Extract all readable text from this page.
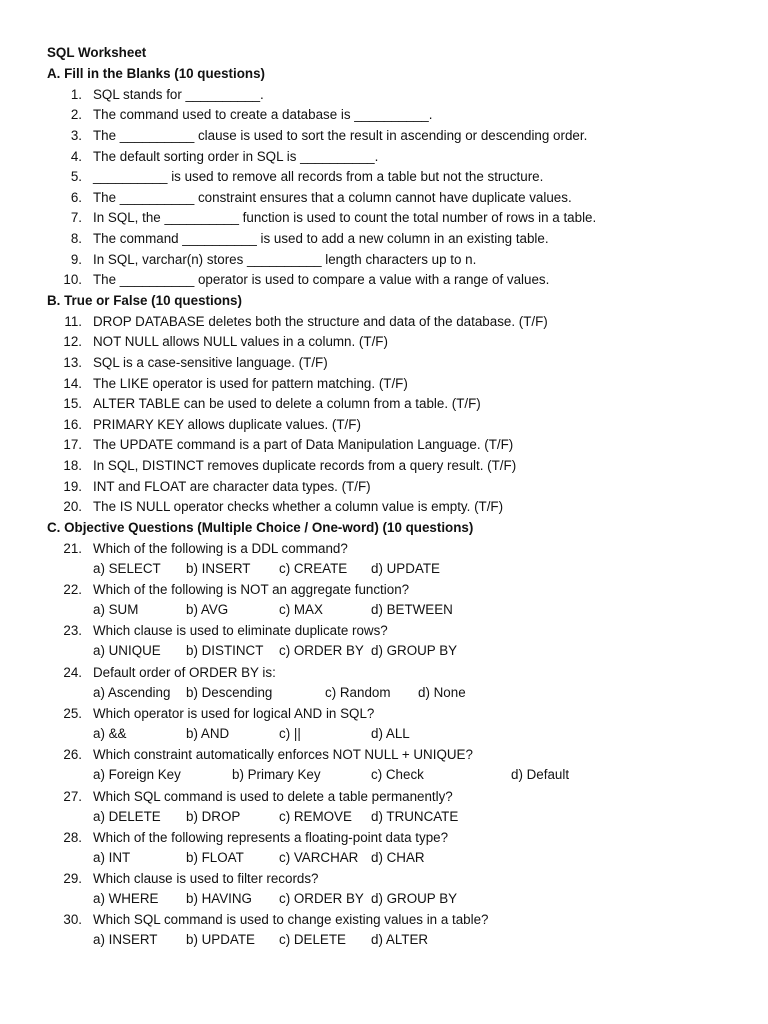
SQL Worksheet
A. Fill in the Blanks (10 questions)
B. True or False (10 questions)
C. Objective Questions (Multiple Choice / One-word) (10 questions)
1. SQL stands for __________.
2. The command used to create a database is __________.
3. The __________ clause is used to sort the result in ascending or descending order.
4. The default sorting order in SQL is __________.
5. __________ is used to remove all records from a table but not the structure.
6. The __________ constraint ensures that a column cannot have duplicate values.
7. In SQL, the __________ function is used to count the total number of rows in a table.
8. The command __________ is used to add a new column in an existing table.
9. In SQL, varchar(n) stores __________ length characters up to n.
10. The __________ operator is used to compare a value with a range of values.
11. DROP DATABASE deletes both the structure and data of the database. (T/F)
12. NOT NULL allows NULL values in a column. (T/F)
13. SQL is a case-sensitive language. (T/F)
14. The LIKE operator is used for pattern matching. (T/F)
15. ALTER TABLE can be used to delete a column from a table. (T/F)
16. PRIMARY KEY allows duplicate values. (T/F)
17. The UPDATE command is a part of Data Manipulation Language. (T/F)
18. In SQL, DISTINCT removes duplicate records from a query result. (T/F)
19. INT and FLOAT are character data types. (T/F)
20. The IS NULL operator checks whether a column value is empty. (T/F)
21. Which of the following is a DDL command?
a) SELECT b) INSERT c) CREATE d) UPDATE
22. Which of the following is NOT an aggregate function?
a) SUM	b) AVG	c) MAX	d) BETWEEN
23. Which clause is used to eliminate duplicate rows?
a) UNIQUE b) DISTINCT c) ORDER BY d) GROUP BY
24. Default order of ORDER BY is:
a) Ascending b) Descending	c) Random d) None
25. Which operator is used for logical AND in SQL?
a) &&	b) AND	c) ||	d) ALL
26. Which constraint automatically enforces NOT NULL + UNIQUE?
a) Foreign Key	b) Primary Key	c) Check	d) Default
27. Which SQL command is used to delete a table permanently?
a) DELETE b) DROP	c) REMOVE d) TRUNCATE
28. Which of the following represents a floating-point data type?
a) INT	b) FLOAT	c) VARCHAR d) CHAR
29. Which clause is used to filter records?
a) WHERE b) HAVING c) ORDER BY d) GROUP BY
30. Which SQL command is used to change existing values in a table?
a) INSERT b) UPDATE c) DELETE d) ALTER
